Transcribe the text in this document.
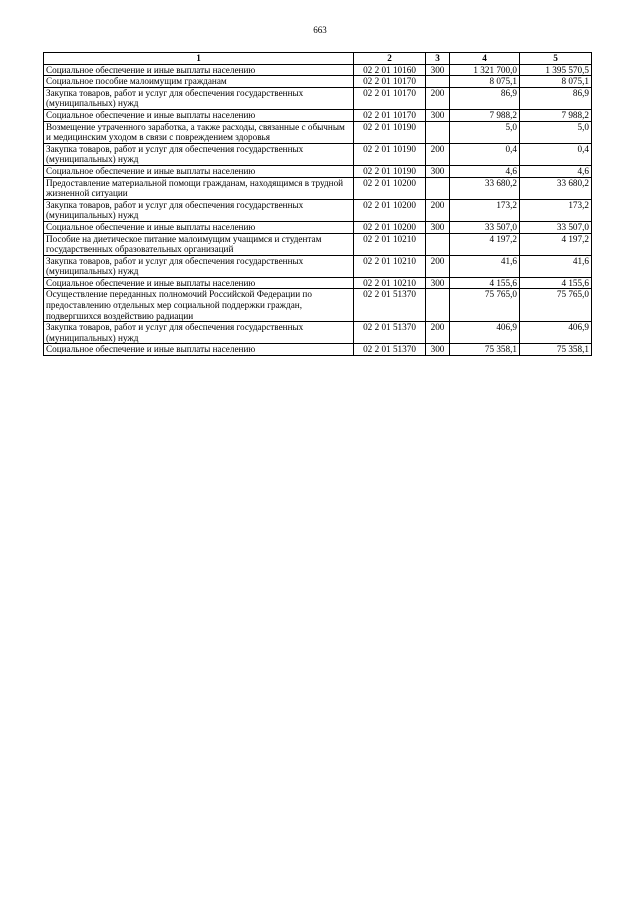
663
1	2	3	4	5
Социальное обеспечение и иные выплаты населению	02 2 01 10160	300	1 321 700,0	1 395 570,5
Социальное пособие малоимущим гражданам	02 2 01 10170		8 075,1	8 075,1
Закупка товаров, работ и услуг для обеспечения государственных (муниципальных) нужд	02 2 01 10170	200	86,9	86,9
Социальное обеспечение и иные выплаты населению	02 2 01 10170	300	7 988,2	7 988,2
Возмещение утраченного заработка, а также расходы, связанные с обычным и медицинским уходом в связи с повреждением здоровья	02 2 01 10190		5,0	5,0
Закупка товаров, работ и услуг для обеспечения государственных (муниципальных) нужд	02 2 01 10190	200	0,4	0,4
Социальное обеспечение и иные выплаты населению	02 2 01 10190	300	4,6	4,6
Предоставление материальной помощи гражданам, находящимся в трудной жизненной ситуации	02 2 01 10200		33 680,2	33 680,2
Закупка товаров, работ и услуг для обеспечения государственных (муниципальных) нужд	02 2 01 10200	200	173,2	173,2
Социальное обеспечение и иные выплаты населению	02 2 01 10200	300	33 507,0	33 507,0
Пособие на диетическое питание малоимущим учащимся и студентам государственных образовательных организаций	02 2 01 10210		4 197,2	4 197,2
Закупка товаров, работ и услуг для обеспечения государственных (муниципальных) нужд	02 2 01 10210	200	41,6	41,6
Социальное обеспечение и иные выплаты населению	02 2 01 10210	300	4 155,6	4 155,6
Осуществление переданных полномочий Российской Федерации по предоставлению отдельных мер социальной поддержки граждан, подвергшихся воздействию радиации	02 2 01 51370		75 765,0	75 765,0
Закупка товаров, работ и услуг для обеспечения государственных (муниципальных) нужд	02 2 01 51370	200	406,9	406,9
Социальное обеспечение и иные выплаты населению	02 2 01 51370	300	75 358,1	75 358,1
